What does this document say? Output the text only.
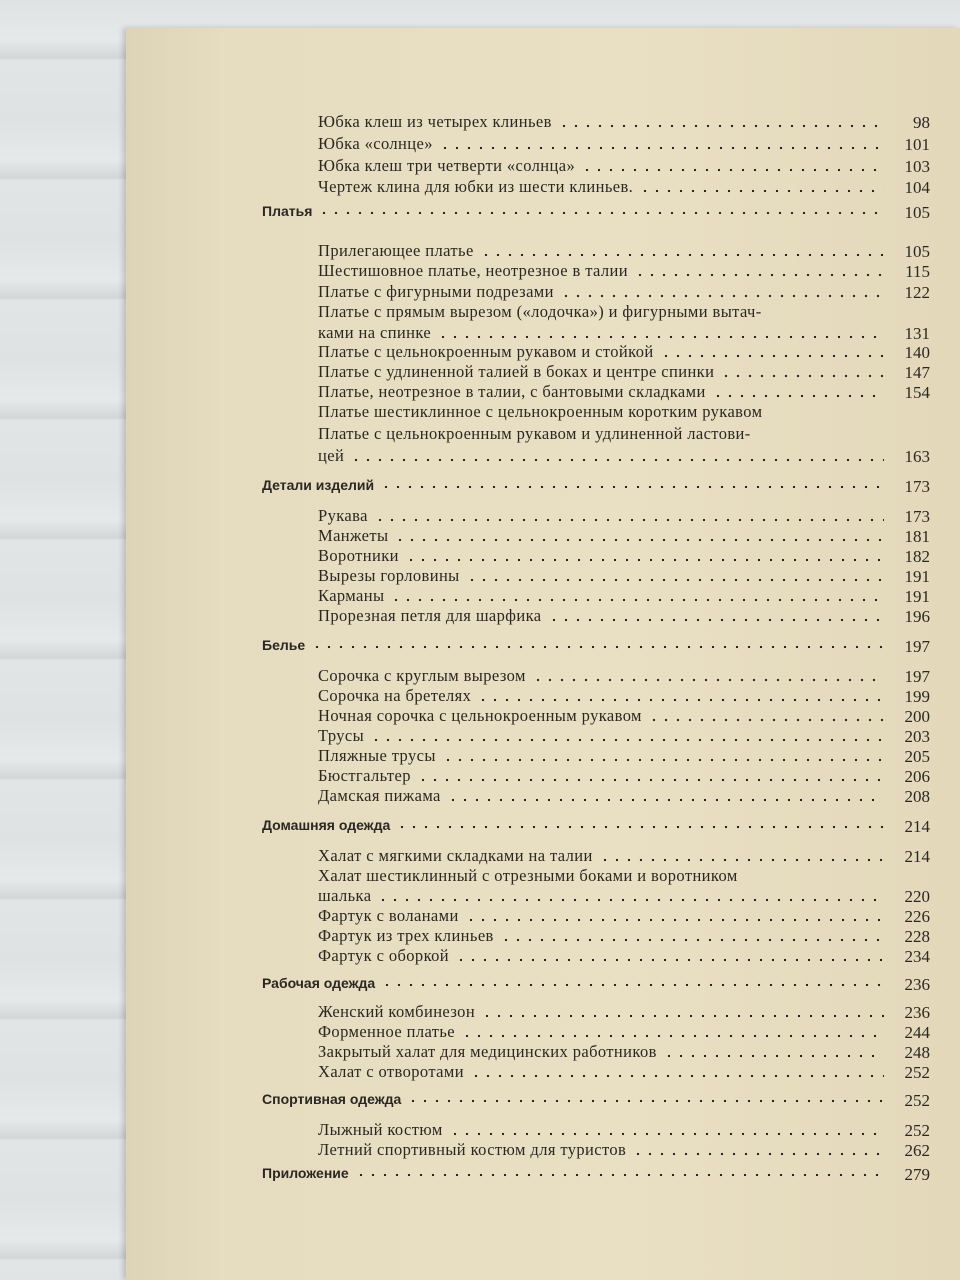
Юбка клеш из четырех клиньев	98
Юбка «солнце»	101
Юбка клеш три четверти «солнца»	103
Чертеж клина для юбки из шести клиньев.	104
Платья	105
Прилегающее платье	105
Шестишовное платье, неотрезное в талии	115
Платье с фигурными подрезами	122
Платье с прямым вырезом («лодочка») и фигурными вытач-
ками на спинке	131
Платье с цельнокроенным рукавом и стойкой	140
Платье с удлиненной талией в боках и центре спинки	147
Платье, неотрезное в талии, с бантовыми складками	154
Платье шестиклинное с цельнокроенным коротким рукавом
Платье с цельнокроенным рукавом и удлиненной ластови-
цей	163
Детали изделий	173
Рукава	173
Манжеты	181
Воротники	182
Вырезы горловины	191
Карманы	191
Прорезная петля для шарфика	196
Белье	197
Сорочка с круглым вырезом	197
Сорочка на бретелях	199
Ночная сорочка с цельнокроенным рукавом	200
Трусы	203
Пляжные трусы	205
Бюстгальтер	206
Дамская пижама	208
Домашняя одежда	214
Халат с мягкими складками на талии	214
Халат шестиклинный с отрезными боками и воротником
шалька	220
Фартук с воланами	226
Фартук из трех клиньев	228
Фартук с оборкой	234
Рабочая одежда	236
Женский комбинезон	236
Форменное платье	244
Закрытый халат для медицинских работников	248
Халат с отворотами	252
Спортивная одежда	252
Лыжный костюм	252
Летний спортивный костюм для туристов	262
Приложение	279
